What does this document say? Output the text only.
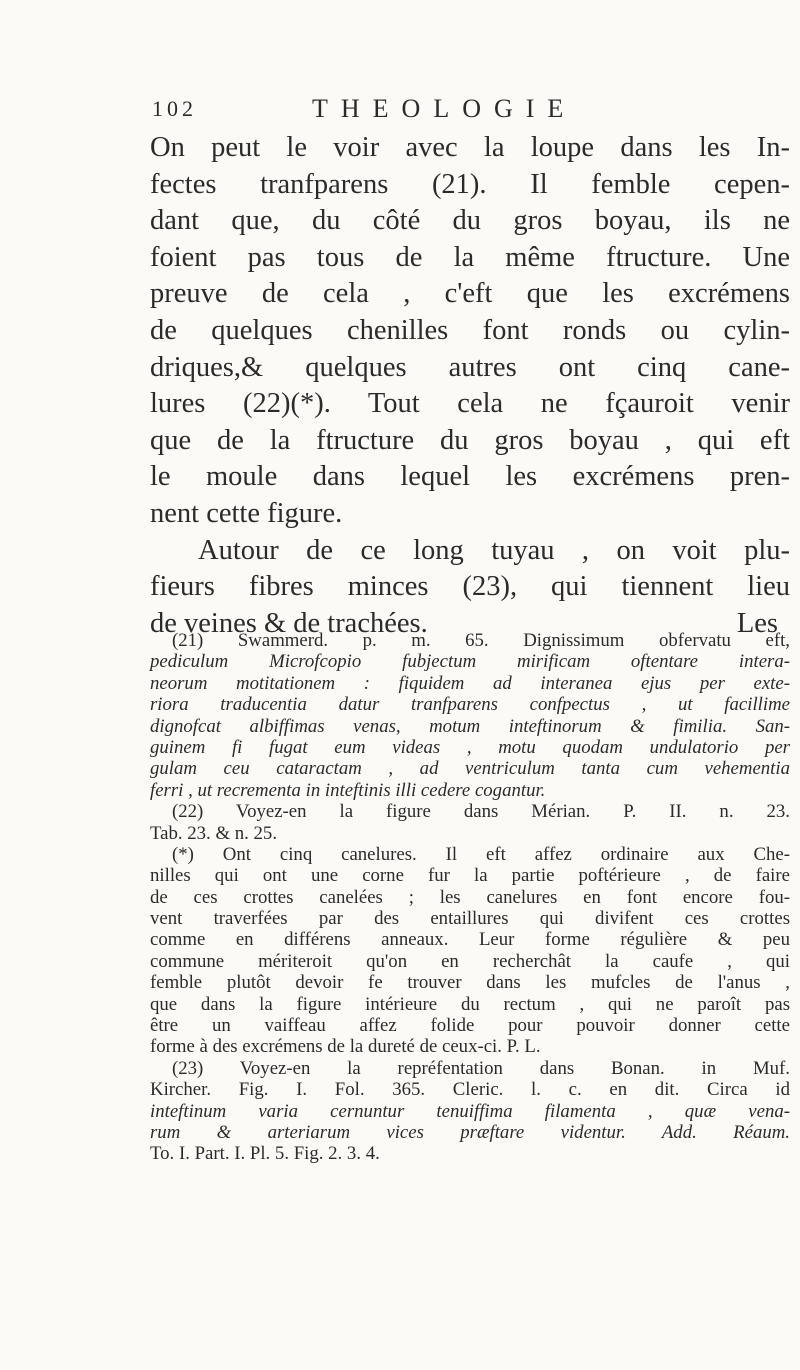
102	THEOLOGIE
On peut le voir avec la loupe dans les In-
fectes tranfparens (21). Il femble cepen-
dant que, du côté du gros boyau, ils ne
foient pas tous de la même ftructure. Une
preuve de cela , c'eft que les excrémens
de quelques chenilles font ronds ou cylin-
driques,& quelques autres ont cinq cane-
lures (22)(*). Tout cela ne fçauroit venir
que de la ftructure du gros boyau , qui eft
le moule dans lequel les excrémens pren-
nent cette figure.
Autour de ce long tuyau , on voit plu-
fieurs fibres minces (23), qui tiennent lieu
de veines & de trachées.	Les
(21) Swammerd. p. m. 65. Dignissimum obfervatu eft,
pediculum Microfcopio fubjectum mirificam oftentare intera-
neorum motitationem : fiquidem ad interanea ejus per exte-
riora traducentia datur tranfparens confpectus , ut facillime
dignofcat albiffimas venas, motum inteftinorum & fimilia. San-
guinem fi fugat eum videas , motu quodam undulatorio per
gulam ceu cataractam , ad ventriculum tanta cum vehementia
ferri , ut recrementa in inteftinis illi cedere cogantur.
(22) Voyez-en la figure dans Mérian. P. II. n. 23.
Tab. 23. & n. 25.
(*) Ont cinq canelures. Il eft affez ordinaire aux Che-
nilles qui ont une corne fur la partie poftérieure , de faire
de ces crottes canelées ; les canelures en font encore fou-
vent traverfées par des entaillures qui divifent ces crottes
comme en différens anneaux. Leur forme régulière & peu
commune mériteroit qu'on en recherchât la caufe , qui
femble plutôt devoir fe trouver dans les mufcles de l'anus ,
que dans la figure intérieure du rectum , qui ne paroît pas
être un vaiffeau affez folide pour pouvoir donner cette
forme à des excrémens de la dureté de ceux-ci. P. L.
(23) Voyez-en la repréfentation dans Bonan. in Muf.
Kircher. Fig. I. Fol. 365. Cleric. l. c. en dit. Circa id
inteftinum varia cernuntur tenuiffima filamenta , quæ vena-
rum & arteriarum vices præftare videntur. Add. Réaum.
To. I. Part. I. Pl. 5. Fig. 2. 3. 4.
